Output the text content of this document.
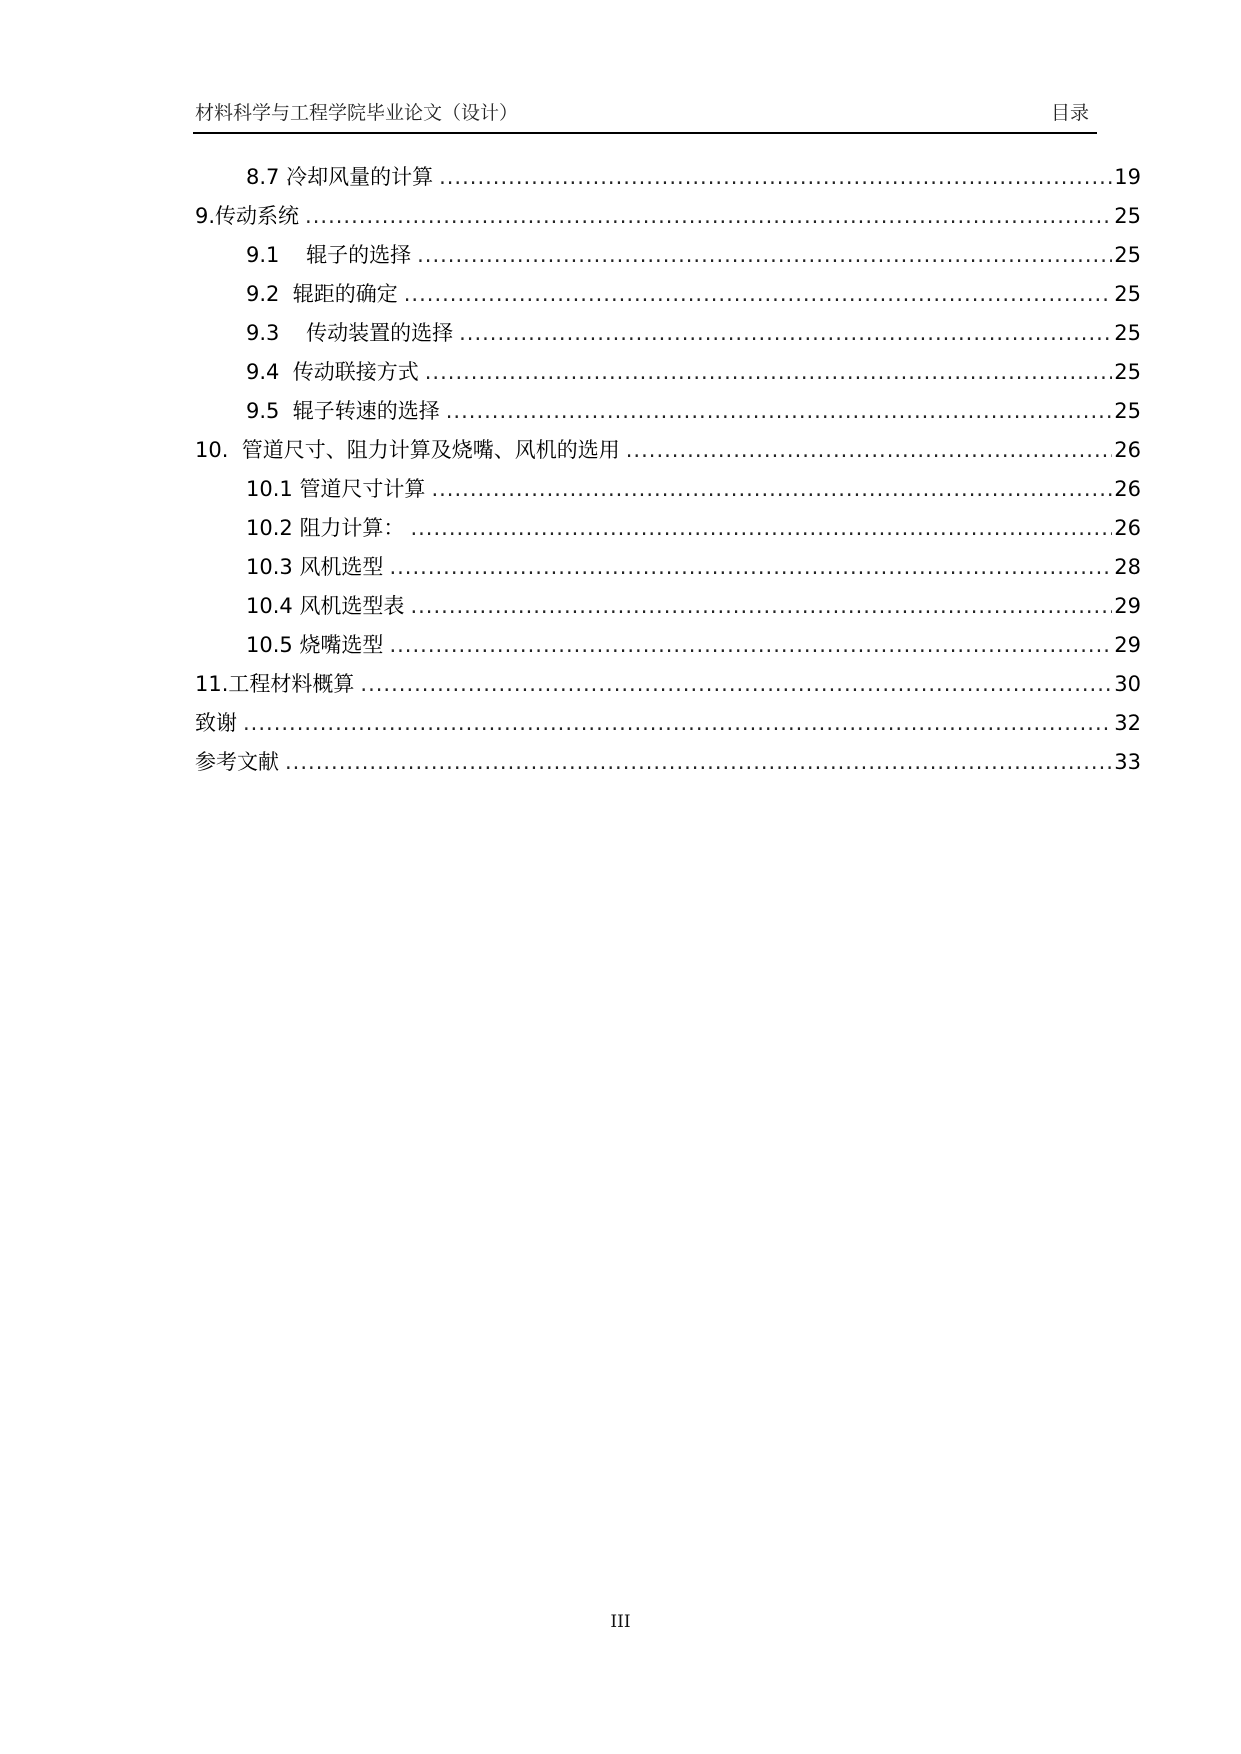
材料科学与工程学院毕业论文（设计）	目录
8.7 冷却风量的计算 .....	19
9. 传动系统 .....	25
9.1 辊子的选择 .....	25
9.2 辊距的确定 .....	25
9.3 传动装置的选择 .....	25
9.4 传动联接方式 .....	25
9.5 辊子转速的选择 .....	25
10. 管道尺寸、阻力计算及烧嘴、风机的选用 .....	26
10.1 管道尺寸计算 .....	26
10.2 阻力计算： .....	26
10.3 风机选型 .....	28
10.4 风机选型表 .....	29
10.5 烧嘴选型 .....	29
11. 工程材料概算 .....	30
致谢 .....	32
参考文献 .....	33
III
